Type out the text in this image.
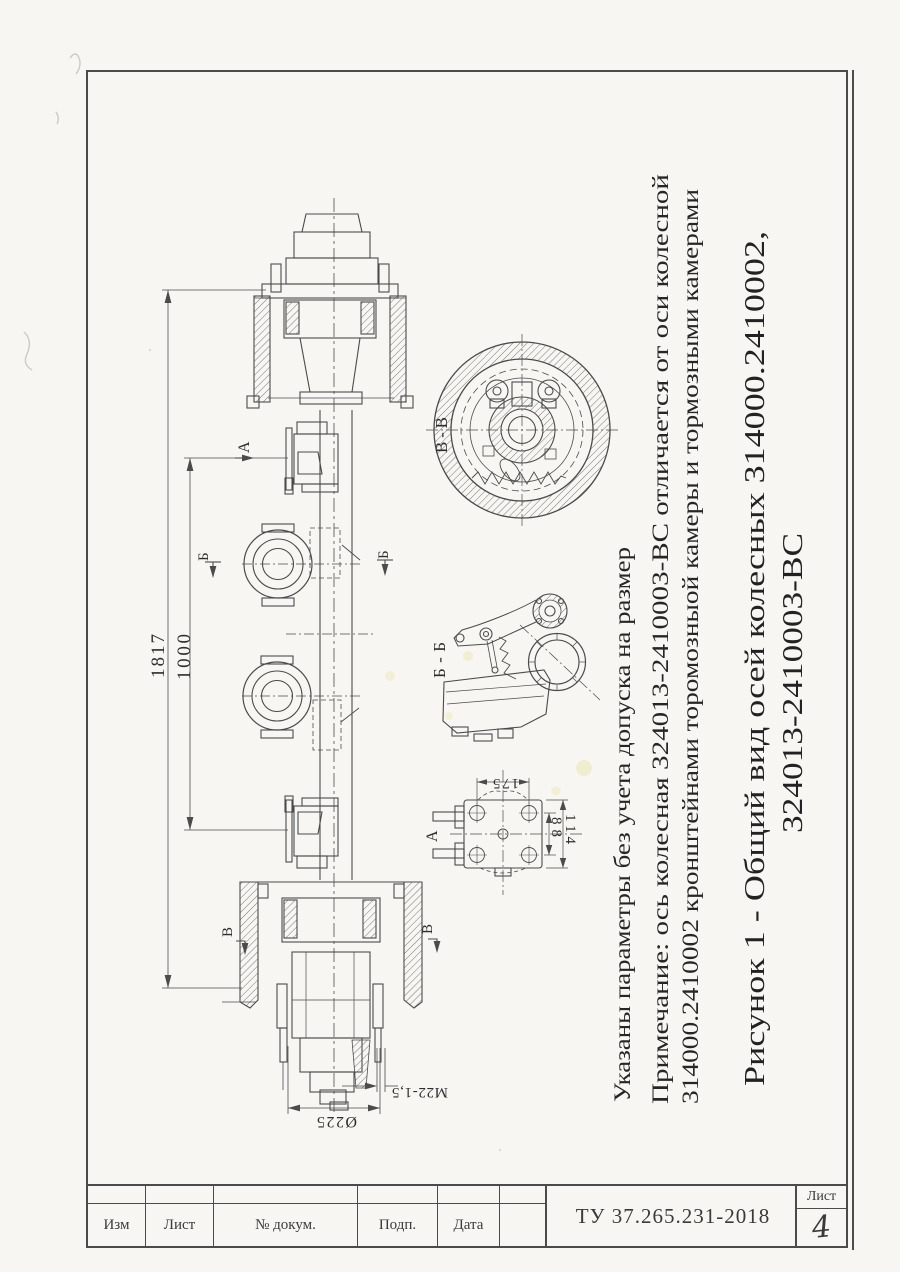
1817
1000
Ø225
M22-1,5
А
Б	Б
В	В
В-В
Б-Б
175
88
114
А	Указаны параметры без учета допуска на размер Примечание: ось колесная 324013-2410003-ВС отличается от оси колесной 314000.2410002 кронштейнами торомозныой камеры и тормозными камерами Рисунок 1 - Общий вид осей колесных 314000.2410002, 324013-2410003-ВС
Изм	Лист	№ докум.	Подп.	Дата	ТУ 37.265.231-2018
Лист
4
